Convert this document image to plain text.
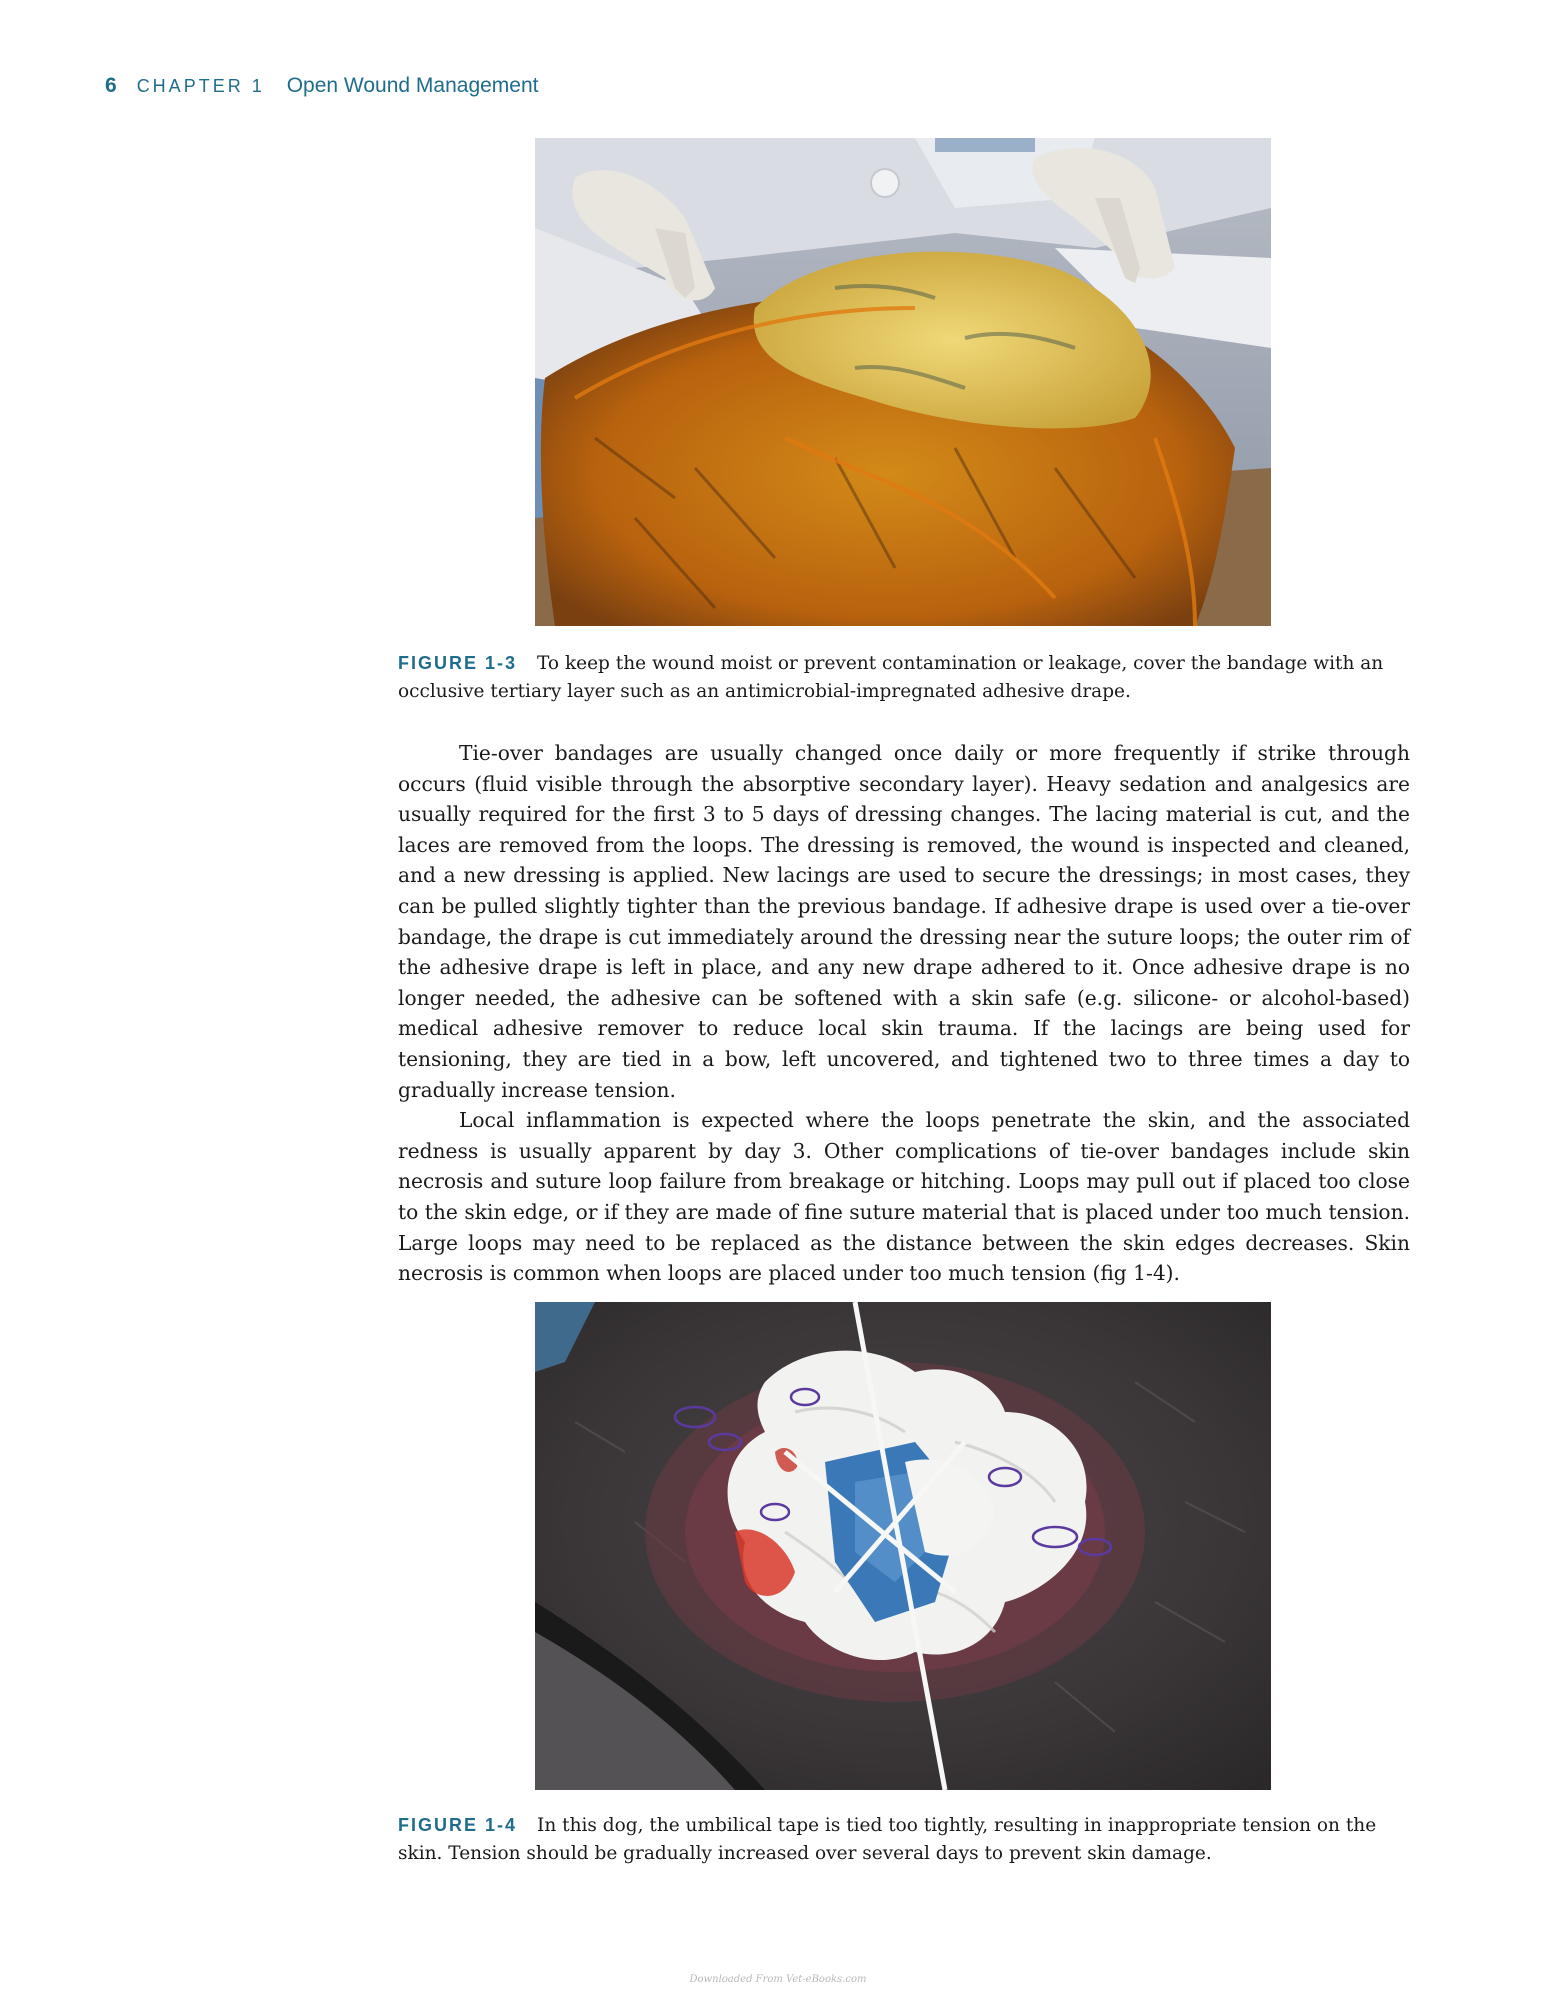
6 CHAPTER 1 Open Wound Management
FIGURE 1-3 To keep the wound moist or prevent contamination or leakage, cover the bandage with an occlusive tertiary layer such as an antimicrobial-impregnated adhesive drape.

Tie-over bandages are usually changed once daily or more frequently if strike through occurs (fluid visible through the absorptive secondary layer). Heavy sedation and analgesics are usually required for the first 3 to 5 days of dressing changes. The lacing material is cut, and the laces are removed from the loops. The dressing is removed, the wound is inspected and cleaned, and a new dressing is applied. New lacings are used to secure the dressings; in most cases, they can be pulled slightly tighter than the previous bandage. If adhesive drape is used over a tie-over bandage, the drape is cut immediately around the dressing near the suture loops; the outer rim of the adhesive drape is left in place, and any new drape adhered to it. Once adhesive drape is no longer needed, the adhesive can be softened with a skin safe (e.g. silicone- or alcohol-based) medical adhesive remover to reduce local skin trauma. If the lacings are being used for tensioning, they are tied in a bow, left uncovered, and tightened two to three times a day to gradually increase tension.

Local inflammation is expected where the loops penetrate the skin, and the associated redness is usually apparent by day 3. Other complications of tie-over bandages include skin necrosis and suture loop failure from breakage or hitching. Loops may pull out if placed too close to the skin edge, or if they are made of fine suture material that is placed under too much tension. Large loops may need to be replaced as the distance between the skin edges decreases. Skin necrosis is common when loops are placed under too much tension (fig 1-4).

FIGURE 1-4 In this dog, the umbilical tape is tied too tightly, resulting in inappropriate tension on the skin. Tension should be gradually increased over several days to prevent skin damage.
Downloaded From Vet-eBooks.com
